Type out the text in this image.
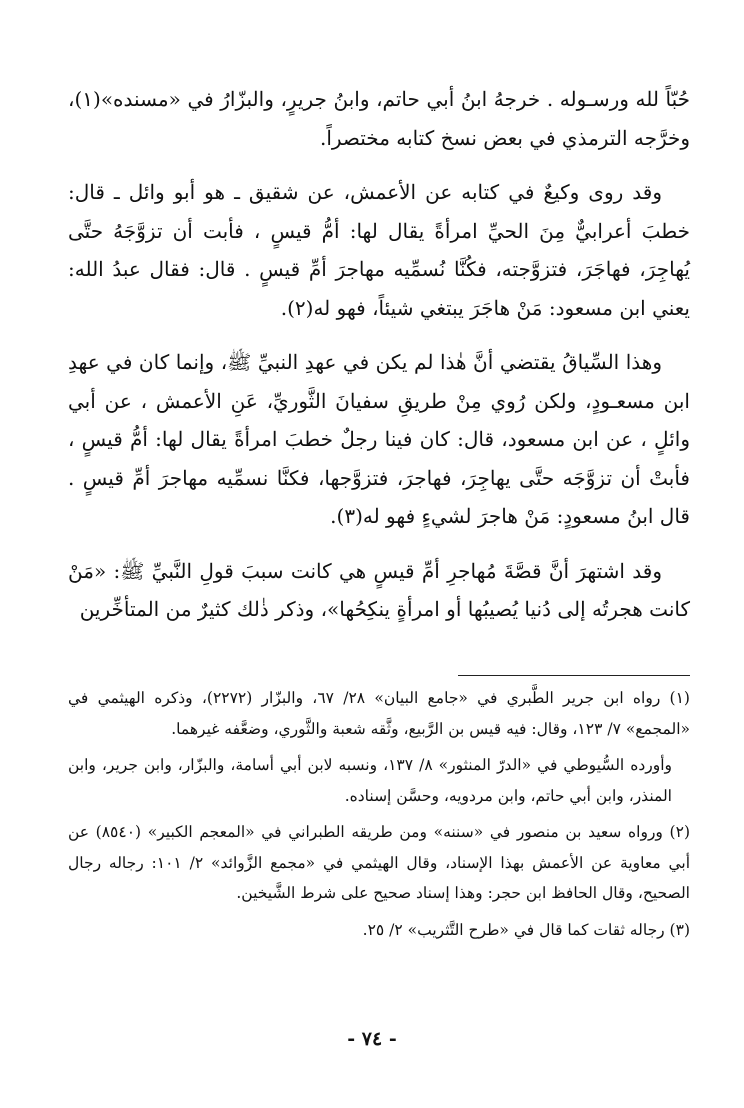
حُبّاً لله ورسـوله . خرجهُ ابنُ أبي حاتم، وابنُ جريرٍ، والبزّارُ في «مسنده»(١)، وخرَّجه الترمذي في بعض نسخ كتابه مختصراً.

وقد روى وكيعٌ في كتابه عن الأعمش، عن شقيق ـ هو أبو وائل ـ قال: خطبَ أعرابيٌّ مِنَ الحيِّ امرأةً يقال لها: أمُّ قيسٍ ، فأبت أن تزوَّجَهُ حتَّى يُهاجِرَ، فهاجَرَ، فتزوَّجته، فكُنَّا نُسمِّيه مهاجرَ أمِّ قيسٍ . قال: فقال عبدُ الله: يعني ابن مسعود: مَنْ هاجَرَ يبتغي شيئاً، فهو له(٢).

وهذا السِّياقُ يقتضي أنَّ هٰذا لم يكن في عهدِ النبيِّ ﷺ، وإنما كان في عهدِ ابن مسعـودٍ، ولكن رُوي مِنْ طريقِ سفيانَ الثَّوريِّ، عَنِ الأعمش ، عن أبي وائلٍ ، عن ابن مسعود، قال: كان فينا رجلٌ خطبَ امرأةً يقال لها: أمُّ قيسٍ ، فأبتْ أن تزوَّجَه حتَّى يهاجِرَ، فهاجرَ، فتزوَّجها، فكنَّا نسمِّيه مهاجرَ أمِّ قيسٍ . قال ابنُ مسعودٍ: مَنْ هاجرَ لشيءٍ فهو له(٣).

وقد اشتهرَ أنَّ قصَّةَ مُهاجرِ أمِّ قيسٍ هي كانت سببَ قولِ النَّبيِّ ﷺ: «مَنْ كانت هجرتُه إلى دُنيا يُصيبُها أو امرأةٍ ينكِحُها»، وذكر ذٰلك كثيرٌ من المتأخِّرين

(١) رواه ابن جرير الطَّبري في «جامع البيان» ٢٨/ ٦٧، والبزّار (٢٢٧٢)، وذكره الهيثمي في «المجمع» ٧/ ١٢٣، وقال: فيه قيس بن الرَّبيع، وثَّقه شعبة والثَّوري، وضعَّفه غيرهما.

وأورده السُّيوطي في «الدرّ المنثور» ٨/ ١٣٧، ونسبه لابن أبي أسامة، والبزّار، وابن جرير، وابن المنذر، وابن أبي حاتم، وابن مردويه، وحسَّن إسناده.

(٢) ورواه سعيد بن منصور في «سننه» ومن طريقه الطبراني في «المعجم الكبير» (٨٥٤٠) عن أبي معاوية عن الأعمش بهذا الإسناد، وقال الهيثمي في «مجمع الزَّوائد» ٢/ ١٠١: رجاله رجال الصحيح، وقال الحافظ ابن حجر: وهذا إسناد صحيح على شرط الشَّيخين.

(٣) رجاله ثقات كما قال في «طرح التَّثريب» ٢/ ٢٥.

- ٧٤ -
